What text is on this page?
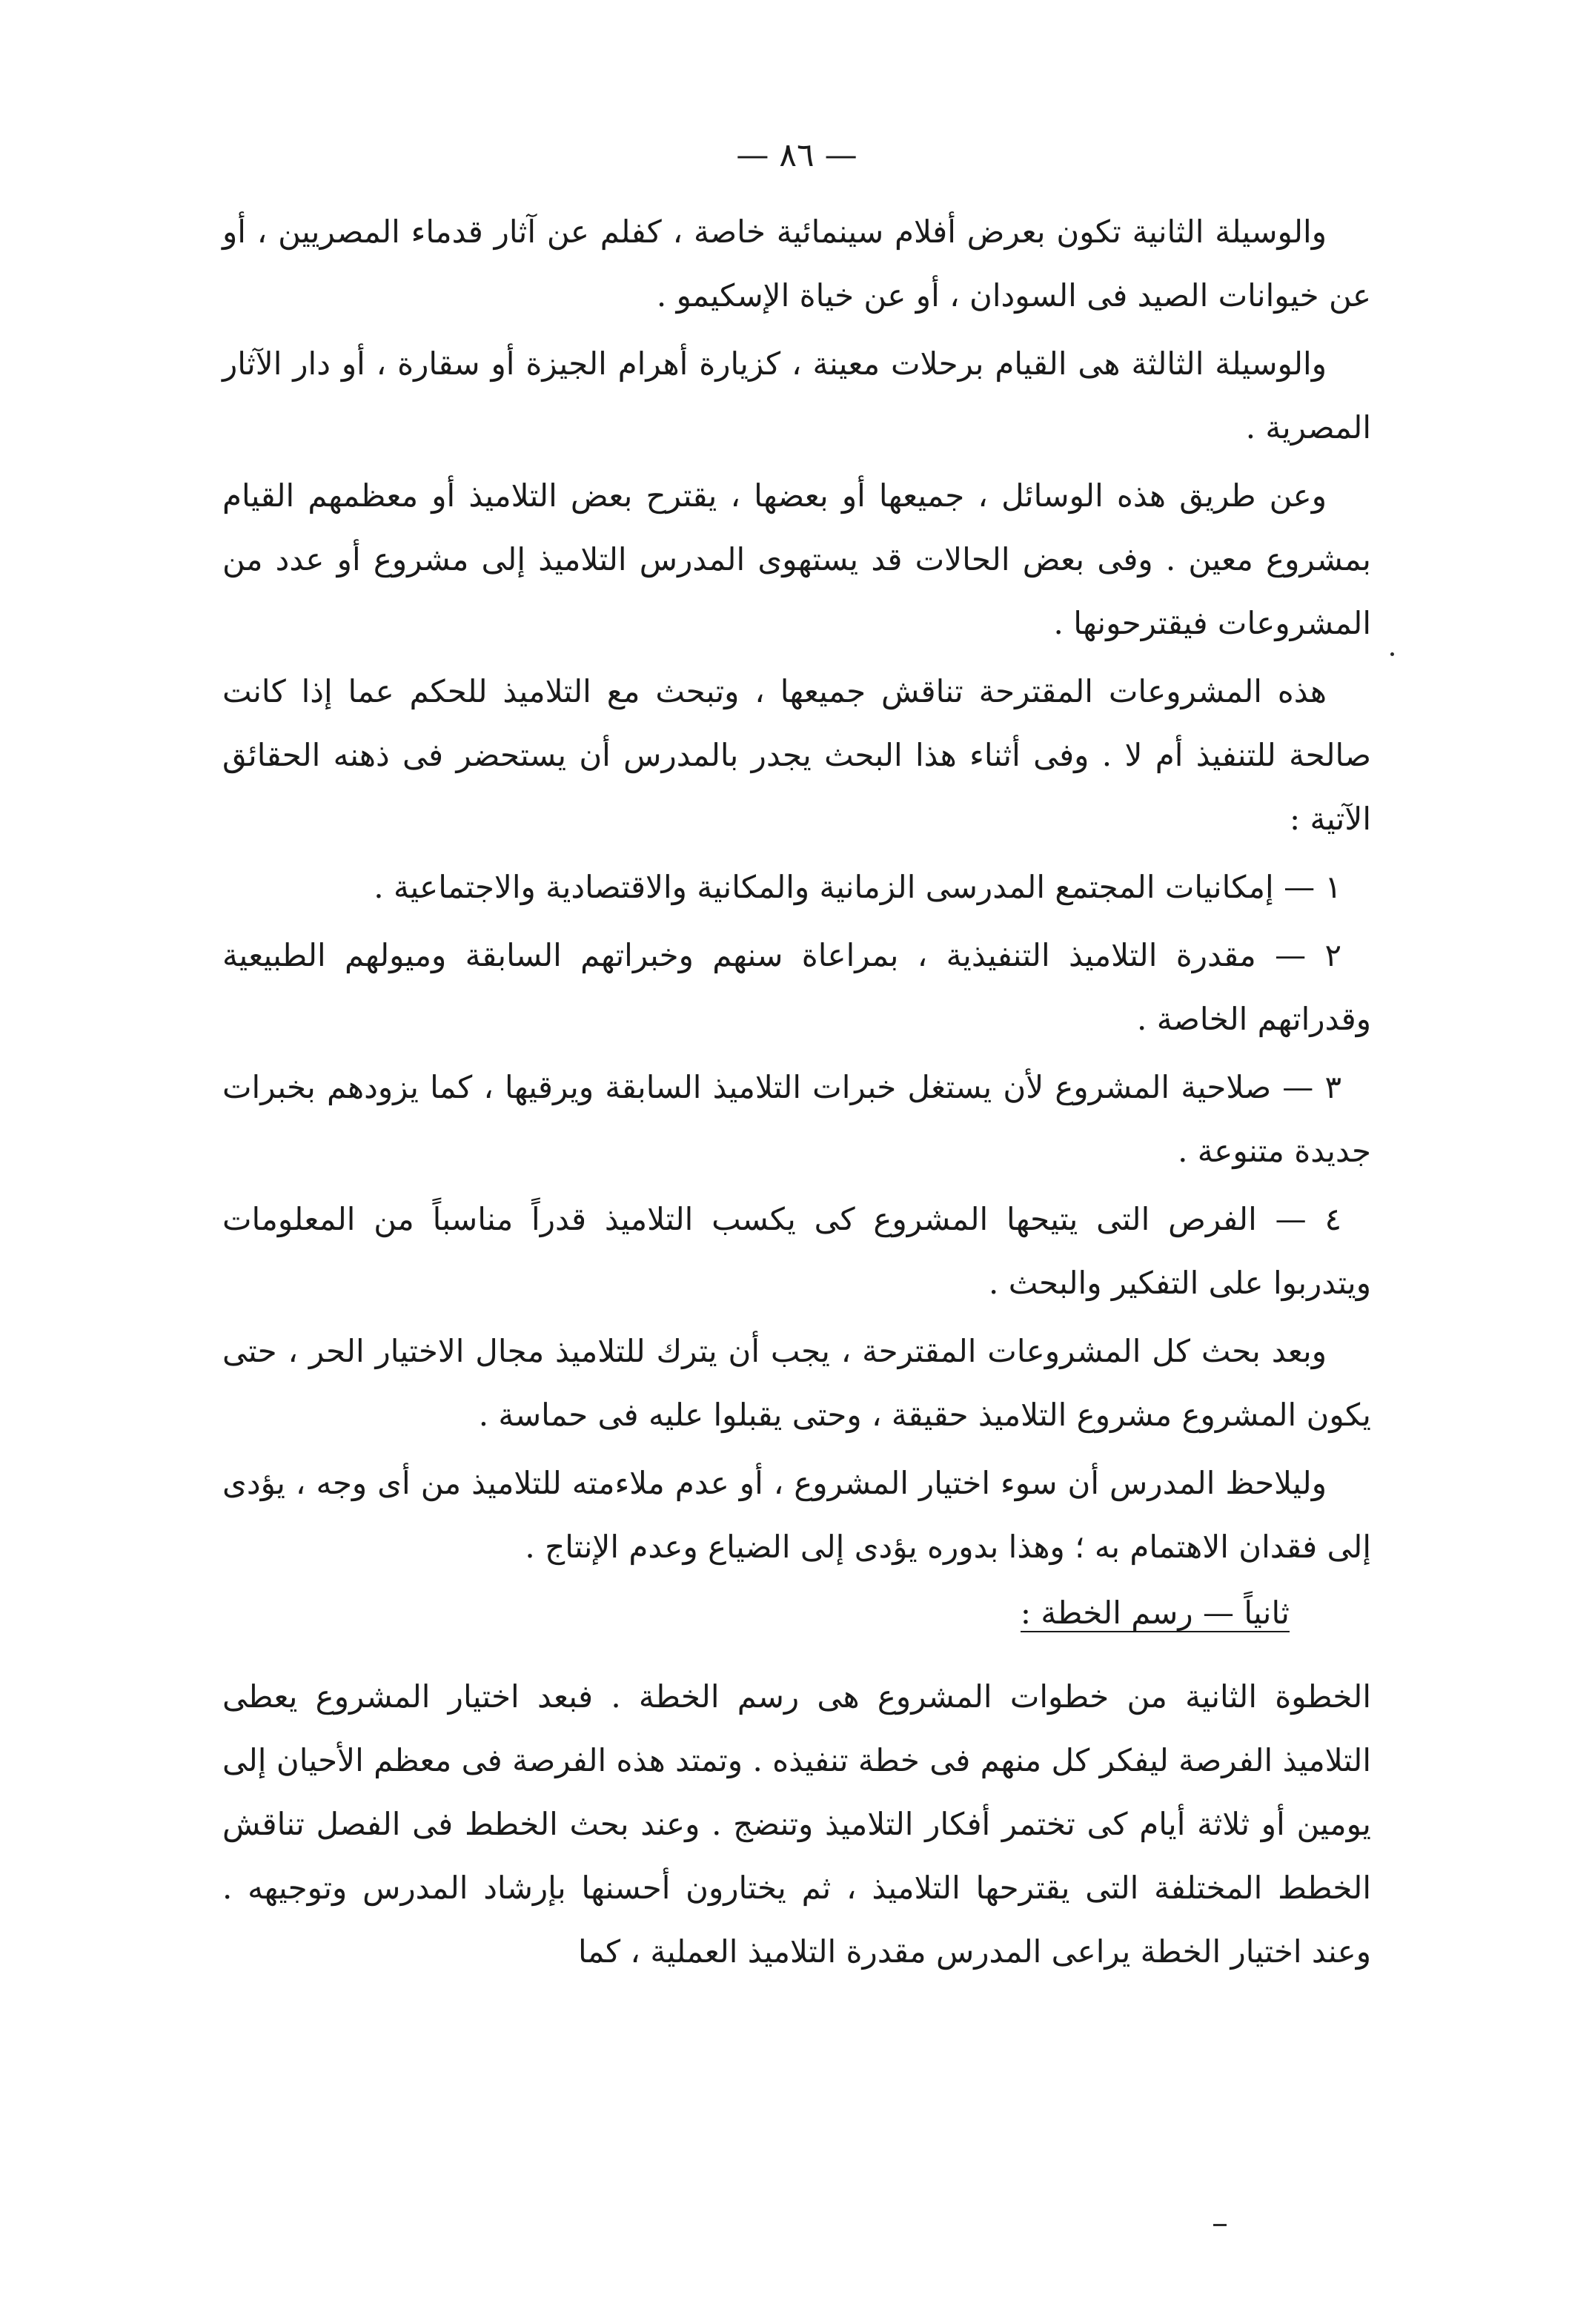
— ٨٦ —

والوسيلة الثانية تكون بعرض أفلام سينمائية خاصة ، كفلم عن آثار قدماء المصريين ، أو عن خيوانات الصيد فى السودان ، أو عن خياة الإسكيمو .

والوسيلة الثالثة هى القيام برحلات معينة ، كزيارة أهرام الجيزة أو سقارة ، أو دار الآثار المصرية .

وعن طريق هذه الوسائل ، جميعها أو بعضها ، يقترح بعض التلاميذ أو معظمهم القيام بمشروع معين . وفى بعض الحالات قد يستهوى المدرس التلاميذ إلى مشروع أو عدد من المشروعات فيقترحونها .

هذه المشروعات المقترحة تناقش جميعها ، وتبحث مع التلاميذ للحكم عما إذا كانت صالحة للتنفيذ أم لا . وفى أثناء هذا البحث يجدر بالمدرس أن يستحضر فى ذهنه الحقائق الآتية :

١ — إمكانيات المجتمع المدرسى الزمانية والمكانية والاقتصادية والاجتماعية .

٢ — مقدرة التلاميذ التنفيذية ، بمراعاة سنهم وخبراتهم السابقة وميولهم الطبيعية وقدراتهم الخاصة .

٣ — صلاحية المشروع لأن يستغل خبرات التلاميذ السابقة ويرقيها ، كما يزودهم بخبرات جديدة متنوعة .

٤ — الفرص التى يتيحها المشروع كى يكسب التلاميذ قدراً مناسباً من المعلومات ويتدربوا على التفكير والبحث .

وبعد بحث كل المشروعات المقترحة ، يجب أن يترك للتلاميذ مجال الاختيار الحر ، حتى يكون المشروع مشروع التلاميذ حقيقة ، وحتى يقبلوا عليه فى حماسة .

وليلاحظ المدرس أن سوء اختيار المشروع ، أو عدم ملاءمته للتلاميذ من أى وجه ، يؤدى إلى فقدان الاهتمام به ؛ وهذا بدوره يؤدى إلى الضياع وعدم الإنتاج .

ثانياً — رسم الخطة :

الخطوة الثانية من خطوات المشروع هى رسم الخطة . فبعد اختيار المشروع يعطى التلاميذ الفرصة ليفكر كل منهم فى خطة تنفيذه . وتمتد هذه الفرصة فى معظم الأحيان إلى يومين أو ثلاثة أيام كى تختمر أفكار التلاميذ وتنضج . وعند بحث الخطط فى الفصل تناقش الخطط المختلفة التى يقترحها التلاميذ ، ثم يختارون أحسنها بإرشاد المدرس وتوجيهه . وعند اختيار الخطة يراعى المدرس مقدرة التلاميذ العملية ، كما
